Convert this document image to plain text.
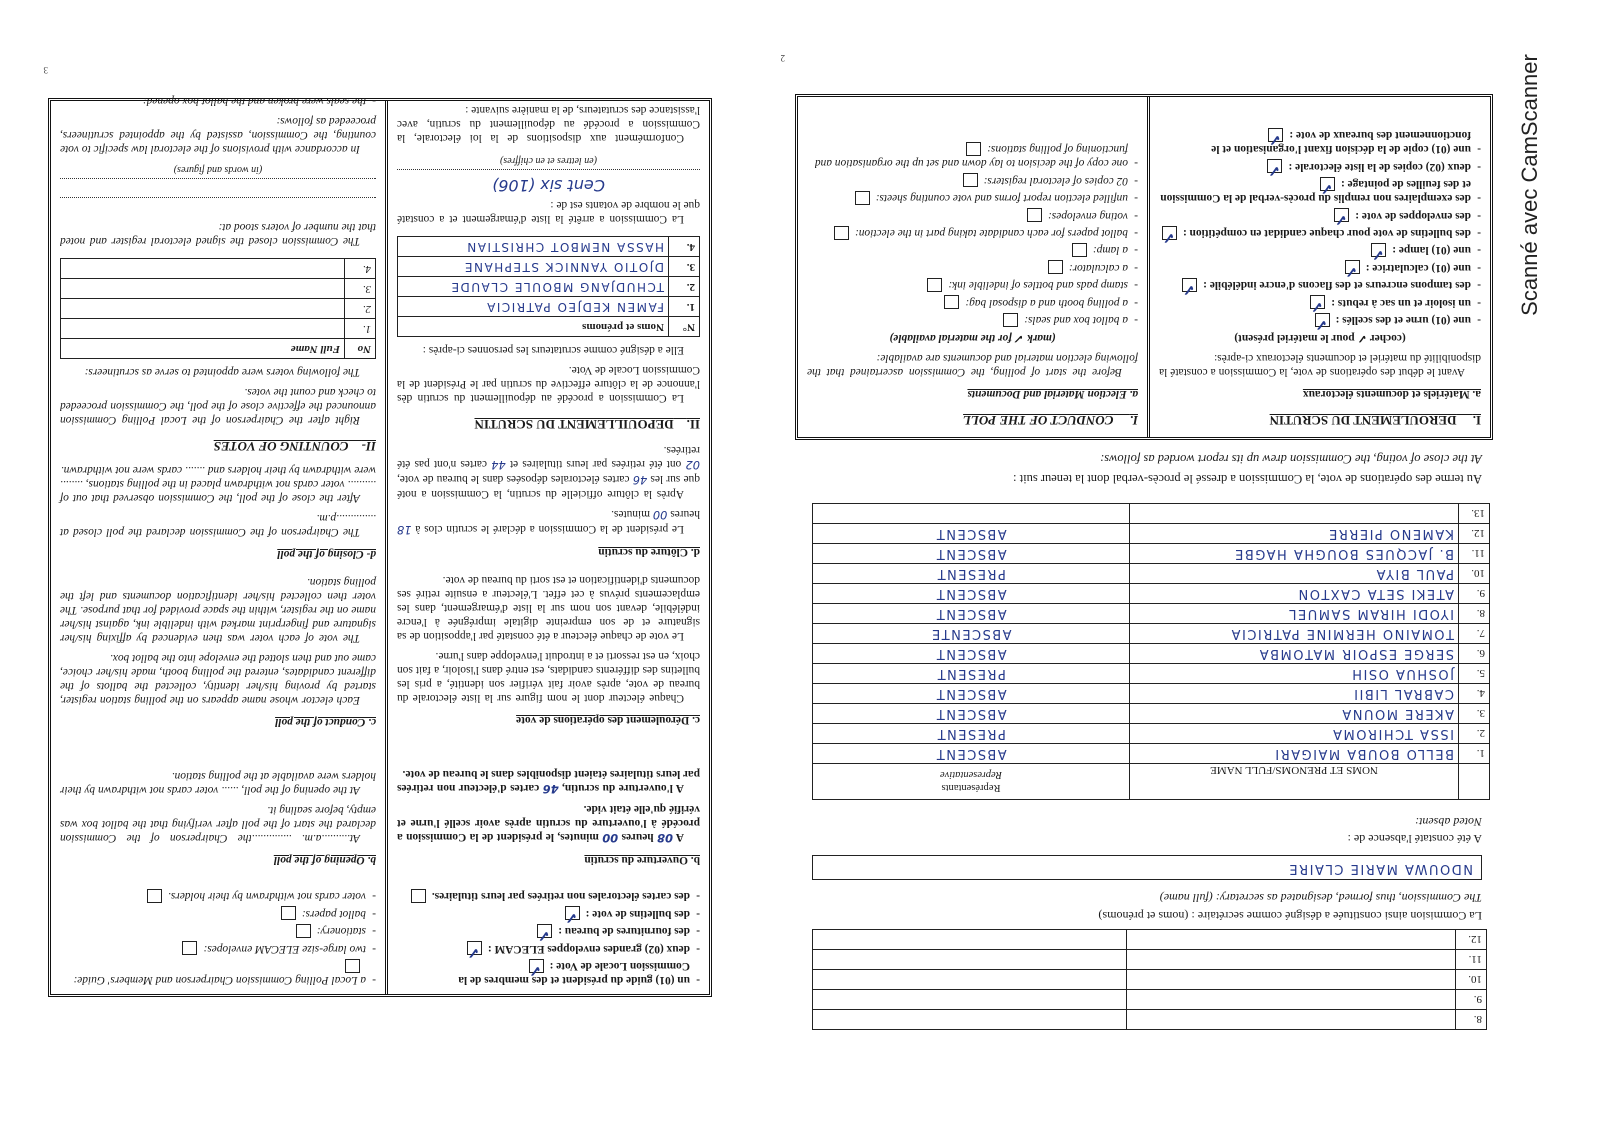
Scanné avec CamScanner
2
8.		
9.		
10.		
11.		
12.		
La Commision ainsi constituée a désigné comme secrétaire : (noms et prénoms)
The Commission, thus formed, designated as secretary: (full name)
NDOUWA MARIE CLAIRE
A été constaté l'absence de :
Noted absent:
	NOMS ET PRENOMS/FULL NAME	Représentants
Representative

1.	BELLO BOUBA MAIGARI	ABSCENT
2.	ISSA TCHIROMA	PRESENT
3.	AKERE MOUNA	ABSCENT
4.	CABRAL LIBII	ABSCENT
5.	JOSHUA OSIH	PRESENT
6.	SERGE ESPOIR MATOMBA	ABSCENT
7.	TOMAINO HERMINE PATRICIA	ABSCENTE
8.	IYODI HIRAM SAMUEL	ABSCENT
9.	ATEKI SETA CAXTON	ABSCENT
10.	PAUL BIYA	PRESENT
11.	B. JACQUES BOUGHA HAGBE	ABSCENT
12.	KAMENO PIERRE	ABSCENT
13.		
Au terme des opérations de vote, la Commission a dressé le procès-verbal dont la teneur suit :
At the close of voting, the Commission drew up its report worded as follows:
I.     DEROULEMENT DU SCRUTIN
a. Matériels et documents électoraux

Avant le début des opérations de vote, la Commission a constaté la disponibilité du matériel et documents électoraux ci-après:

(cocher ✓ pour le matériel présent)
- une (01) urne et des scellés :✓
- un isoloir et un sac à rebuts :✓
- des tampons encreurs et des flacons d'encre indélébile :✓
- une (01) calculatrice :✓
- une (01) lampe :✓
- des bulletins de vote pour chaque candidat en compétition :✓
- des enveloppes de vote :✓
- des exemplaires non remplis du procès-verbal de la Commission et des feuilles de pointage :✓
- deux (02) copies de la liste électorale :✓
- une (01) copie de la décision fixant l'organisation et le fonctionnement des bureaux de vote :✓
I.     CONDUCT OF THE POLL
a. Election Material and Documents

Before the start of polling, the Commission ascertained that the following election material and documents are available:

(mark ✓ for the material available)
- a ballot box and seals:
- a polling booth and a disposal bag:
- stamp pads and bottles of indelible ink:
- a calculator:
- a lamp:
- ballot papers for each candidate taking part in the election:
- voting envelopes:
- unfilled election report forms and vote counting sheets:
- 02 copies of electoral registers:
- one copy of the decision to lay down and set up the organisation and functioning of polling stations:
3
- un (01) guide du président et des membres de la Commission Locale de Vote :✓
- deux (02) grandes enveloppes ELECAM :✓
- des fournitures de bureau :✓
- des bulletins de vote :✓
- des cartes électorales non retirées par leurs titulaires.
b. Ouverture du scrutin

A 08 heures 00 minutes, le président de la Commission a procédé à l'ouverture du scrutin après avoir scellé l'urne et vérifié qu'elle était vide.

A l'ouverture du scrutin, 46 cartes d'électeur non retirées par leurs titulaires étaient disponibles dans le bureau de vote.

c. Déroulement des opérations de vote

Chaque électeur dont le nom figure sur la liste électorale du bureau de vote, après avoir fait vérifier son identité, a pris les bulletins des différents candidats, est entré dans l'isoloir, a fait son choix, en est ressorti et a introduit l'enveloppe dans l'urne.

Le vote de chaque électeur a été constaté par l'apposition de sa signature et de son empreinte digitale imprégnée à l'encre indélébile, devant son nom sur la liste d'émargement, dans les emplacements prévus à cet effet. L'électeur a ensuite retiré ses documents d'identification et est sorti du bureau de vote.

d. Clôture du scrutin

Le président de la Commission a déclaré le scrutin clos à 18 heures 00 minutes.

Après la clôture officielle du scrutin, la Commission a noté que sur les 46 cartes électorales déposées dans le bureau de vote, 02 ont été retirées par leurs titulaires et 44 cartes n'ont pas été retirées.

II.    DEPOUILLEMENT DU SCRUTIN

La Commission a procédé au dépouillement du scrutin dès l'annonce de la clôture effective du scrutin par le Président de la Commission Locale de Vote.

Elle a désigné comme scrutateurs les personnes ci-après :

N°	Noms et prénoms
1.	FAMEN KEDJEO PATRICIA
2.	TCHUDJANG MBOULE CLAUDE
3.	DJOTIO YANNICK STEPHANE
4.	HASSA NEMBOT CHRISTIAN

La Commission a arrêté la liste d'émargement et a constaté que le nombre de votants est de :

Cent six (106)
(en lettres et en chiffres)

Conformément aux dispositions de la loi électorale, la Commission a procédé au dépouillement du scrutin, avec l'assistance des scrutateurs, de la manière suivante :

- a Local Polling Commission Chairperson and Members' Guide:
- two large-size ELECAM envelopes:
- stationery:
- ballot papers:
- voter cards not withdrawn by their holders.
b. Opening of the poll

At..........a.m. ..............the Chairperson of the Commission declared the start of the poll after verifying that the ballot box was empty, before sealing it.

At the opening of the poll, ...... voter cards not withdrawn by their holders were available at the polling station.

c. Conduct of the poll

Each elector whose name appears on the polling station register, started by proving his/her identity, collected the ballots of the different candidates, entered the polling booth, made his/her choice, came out and then slotted the envelope into the ballot box.

The vote of each voter was then evidenced by affixing his/her signature and fingerprint marked with indelible ink, against his/her name on the register, within the space provided for that purpose. The voter then collected his/her identification documents and left the polling station.

d- Closing of the poll

The Chairperson of the Commission declared the poll closed at ..............p.m.

After the close of the poll, the Commission observed that out of .......... voter cards not withdrawn placed in the polling stations, ........ were withdrawn by their holders and ....... cards were not withdrawn.

II-    COUNTING OF VOTES

Right after the Chairperson of the Local Polling Commission announced the effective close of the poll, the Commission proceeded to check and count the votes.

The following voters were appointed to serve as scrutineers:

No	Full Name
1.	
2.	
3.	
4.	

The Commission closed the signed electoral register and noted that the number of voters stood at:

(in words and figures)

In accordance with provisions of the electoral law specific to vote counting, the Commission, assisted by the appointed scrutineers, proceeded as follows:

- the seals were broken and the ballot box opened:
